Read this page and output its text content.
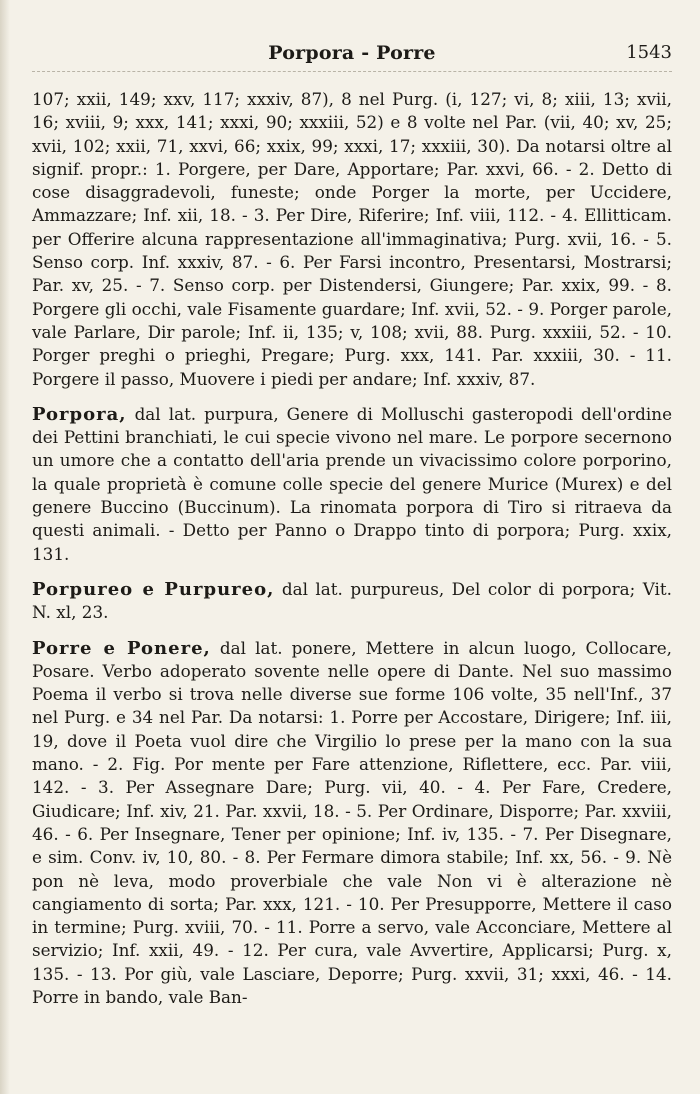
Porpora - Porre	1543

107; xxii, 149; xxv, 117; xxxiv, 87), 8 nel Purg. (i, 127; vi, 8; xiii, 13; xvii, 16; xviii, 9; xxx, 141; xxxi, 90; xxxiii, 52) e 8 volte nel Par. (vii, 40; xv, 25; xvii, 102; xxii, 71, xxvi, 66; xxix, 99; xxxi, 17; xxxiii, 30). Da notarsi oltre al signif. propr.: 1. Porgere, per Dare, Apportare; Par. xxvi, 66. - 2. Detto di cose disaggradevoli, funeste; onde Porger la morte, per Uccidere, Ammazzare; Inf. xii, 18. - 3. Per Dire, Riferire; Inf. viii, 112. - 4. Ellitticam. per Offerire alcuna rappresentazione all'immaginativa; Purg. xvii, 16. - 5. Senso corp. Inf. xxxiv, 87. - 6. Per Farsi incontro, Presentarsi, Mostrarsi; Par. xv, 25. - 7. Senso corp. per Distendersi, Giungere; Par. xxix, 99. - 8. Porgere gli occhi, vale Fisamente guardare; Inf. xvii, 52. - 9. Porger parole, vale Parlare, Dir parole; Inf. ii, 135; v, 108; xvii, 88. Purg. xxxiii, 52. - 10. Porger preghi o prieghi, Pregare; Purg. xxx, 141. Par. xxxiii, 30. - 11. Porgere il passo, Muovere i piedi per andare; Inf. xxxiv, 87.

Porpora, dal lat. purpura, Genere di Molluschi gasteropodi dell'ordine dei Pettini branchiati, le cui specie vivono nel mare. Le porpore secernono un umore che a contatto dell'aria prende un vivacissimo colore porporino, la quale proprietà è comune colle specie del genere Murice (Murex) e del genere Buccino (Buccinum). La rinomata porpora di Tiro si ritraeva da questi animali. - Detto per Panno o Drappo tinto di porpora; Purg. xxix, 131.

Porpureo e Purpureo, dal lat. purpureus, Del color di porpora; Vit. N. xl, 23.

Porre e Ponere, dal lat. ponere, Mettere in alcun luogo, Collocare, Posare. Verbo adoperato sovente nelle opere di Dante. Nel suo massimo Poema il verbo si trova nelle diverse sue forme 106 volte, 35 nell'Inf., 37 nel Purg. e 34 nel Par. Da notarsi: 1. Porre per Accostare, Dirigere; Inf. iii, 19, dove il Poeta vuol dire che Virgilio lo prese per la mano con la sua mano. - 2. Fig. Por mente per Fare attenzione, Riflettere, ecc. Par. viii, 142. - 3. Per Assegnare Dare; Purg. vii, 40. - 4. Per Fare, Credere, Giudicare; Inf. xiv, 21. Par. xxvii, 18. - 5. Per Ordinare, Disporre; Par. xxviii, 46. - 6. Per Insegnare, Tener per opinione; Inf. iv, 135. - 7. Per Disegnare, e sim. Conv. iv, 10, 80. - 8. Per Fermare dimora stabile; Inf. xx, 56. - 9. Nè pon nè leva, modo proverbiale che vale Non vi è alterazione nè cangiamento di sorta; Par. xxx, 121. - 10. Per Presupporre, Mettere il caso in termine; Purg. xviii, 70. - 11. Porre a servo, vale Acconciare, Mettere al servizio; Inf. xxii, 49. - 12. Per cura, vale Avvertire, Applicarsi; Purg. x, 135. - 13. Por giù, vale Lasciare, Deporre; Purg. xxvii, 31; xxxi, 46. - 14. Porre in bando, vale Ban-
